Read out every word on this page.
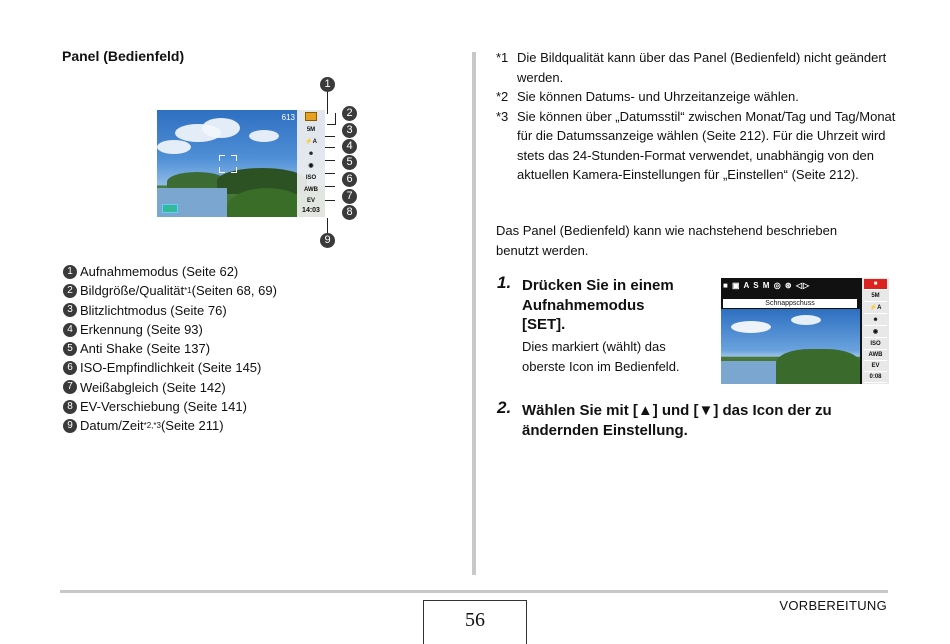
Panel (Bedienfeld)
613
5M
⚡A
☻
◉
ISO
AWB
EV
14:03
1
2
3
4
5
6
7
8
9
1 Aufnahmemodus (Seite 62)
2 Bildgröße/Qualität *1 (Seiten 68, 69)
3 Blitzlichtmodus (Seite 76)
4 Erkennung (Seite 93)
5 Anti Shake (Seite 137)
6 ISO-Empfindlichkeit (Seite 145)
7 Weißabgleich (Seite 142)
8 EV-Verschiebung (Seite 141)
9 Datum/Zeit *2,*3 (Seite 211)
*1 Die Bildqualität kann über das Panel (Bedienfeld) nicht geändert werden.
*2 Sie können Datums- und Uhrzeitanzeige wählen.
*3 Sie können über „Datumsstil“ zwischen Monat/Tag und Tag/Monat für die Datumssanzeige wählen (Seite 212). Für die Uhrzeit wird stets das 24-Stunden-Format verwendet, unabhängig von den aktuellen Kamera-Einstellungen für „Einstellen“ (Seite 212).
Das Panel (Bedienfeld) kann wie nachstehend beschrieben benutzt werden.
1. Drücken Sie in einem
Aufnahmemodus
[SET].
Dies markiert (wählt) das
oberste Icon im Bedienfeld.
■ ▣ A S M ◎ ⊛ ◁▷
Schnappschuss
■
5M
⚡A
☻
◉
ISO
AWB
EV
0:08
2. Wählen Sie mit [▲] und [▼] das Icon der zu
ändernden Einstellung.
56
VORBEREITUNG
